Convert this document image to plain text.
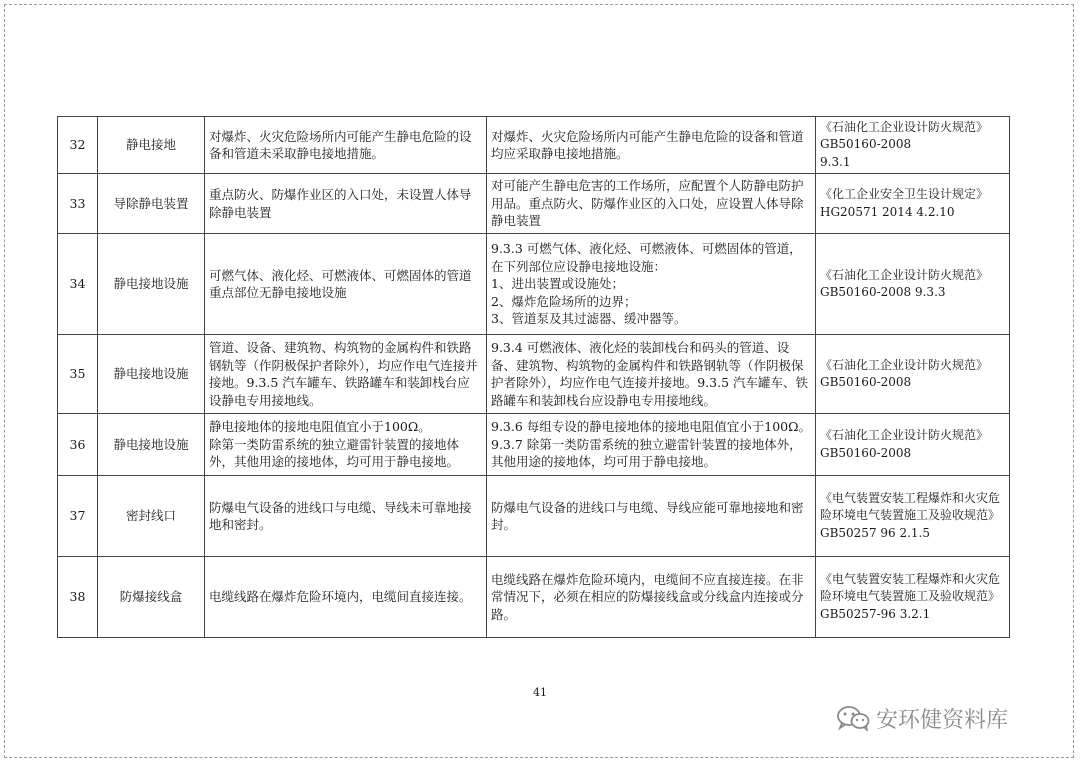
32	静电接地	对爆炸、火灾危险场所内可能产生静电危险的设备和管道未采取静电接地措施。	对爆炸、火灾危险场所内可能产生静电危险的设备和管道均应采取静电接地措施。	《石油化工企业设计防火规范》
GB50160-2008
9.3.1

33	导除静电装置	重点防火、防爆作业区的入口处，未设置人体导除静电装置	对可能产生静电危害的工作场所，应配置个人防静电防护用品。重点防火、防爆作业区的入口处，应设置人体导除静电装置	《化工企业安全卫生设计规定》
HG20571 2014 4.2.10

34	静电接地设施	可燃气体、液化烃、可燃液体、可燃固体的管道重点部位无静电接地设施	9.3.3 可燃气体、液化烃、可燃液体、可燃固体的管道，在下列部位应设静电接地设施：
1、进出装置或设施处；
2、爆炸危险场所的边界；
3、管道泵及其过滤器、缓冲器等。	《石油化工企业设计防火规范》
GB50160-2008 9.3.3

35	静电接地设施	管道、设备、建筑物、构筑物的金属构件和铁路钢轨等（作阴极保护者除外），均应作电气连接并接地。9.3.5 汽车罐车、铁路罐车和装卸栈台应设静电专用接地线。	9.3.4 可燃液体、液化烃的装卸栈台和码头的管道、设备、建筑物、构筑物的金属构件和铁路钢轨等（作阴极保护者除外），均应作电气连接并接地。9.3.5 汽车罐车、铁路罐车和装卸栈台应设静电专用接地线。	《石油化工企业设计防火规范》
GB50160-2008

36	静电接地设施	静电接地体的接地电阻值宜小于100Ω。
除第一类防雷系统的独立避雷针装置的接地体外，其他用途的接地体，均可用于静电接地。	9.3.6 每组专设的静电接地体的接地电阻值宜小于100Ω。9.3.7 除第一类防雷系统的独立避雷针装置的接地体外，其他用途的接地体，均可用于静电接地。	《石油化工企业设计防火规范》
GB50160-2008

37	密封线口	防爆电气设备的进线口与电缆、导线未可靠地接地和密封。	防爆电气设备的进线口与电缆、导线应能可靠地接地和密封。	《电气装置安装工程爆炸和火灾危险环境电气装置施工及验收规范》
GB50257 96 2.1.5

38	防爆接线盒	电缆线路在爆炸危险环境内，电缆间直接连接。	电缆线路在爆炸危险环境内，电缆间不应直接连接。在非常情况下，必须在相应的防爆接线盒或分线盒内连接或分路。	《电气装置安装工程爆炸和火灾危险环境电气装置施工及验收规范》
GB50257-96 3.2.1
41
安环健资料库
